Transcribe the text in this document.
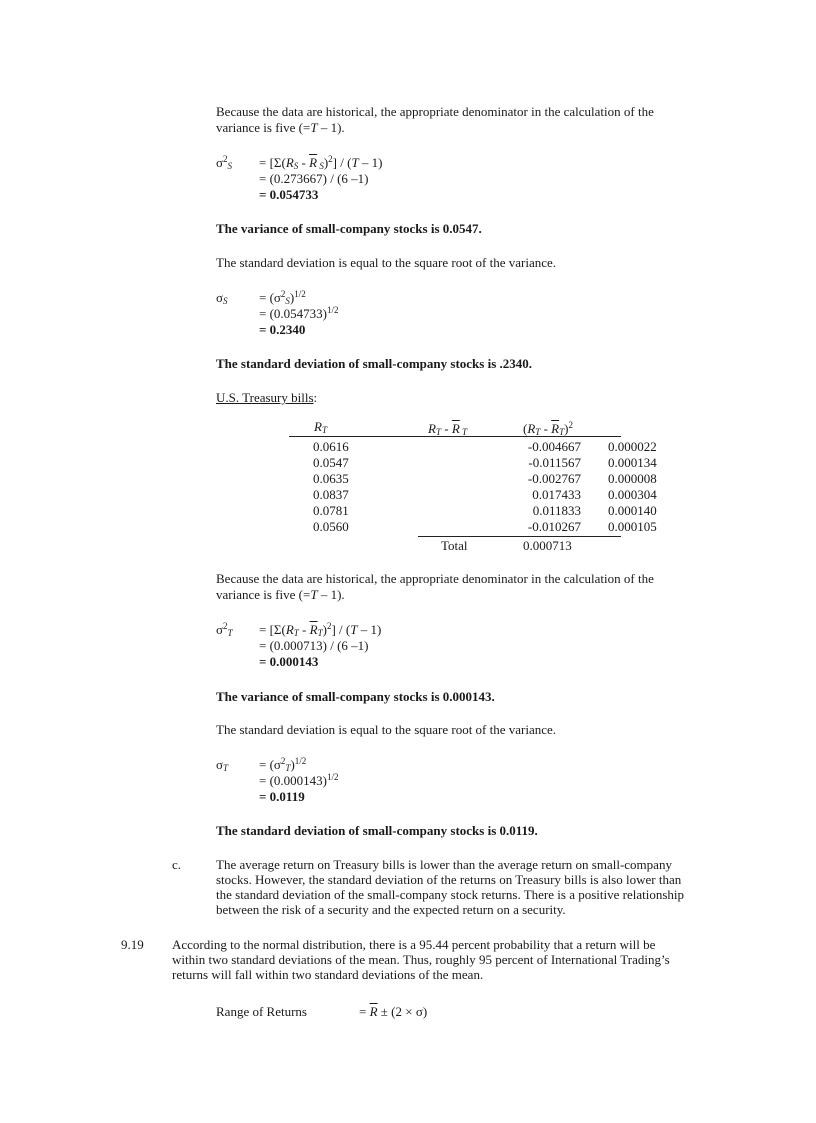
Because the data are historical, the appropriate denominator in the calculation of the
variance is five (=T – 1).
$\sigma^2_S = [\Sigma(R_S - \overline{R}$ $_S$)$^2$] / (T – 1)
= (0.273667) / (6 –1)
= 0.054733
The variance of small-company stocks is 0.0547.
The standard deviation is equal to the square root of the variance.
$\sigma_S = (\sigma^2_S)^{1/2}$
= $(0.054733)^{1/2}$
= 0.2340
The standard deviation of small-company stocks is .2340.
U.S. Treasury bills:
$R_T$	$R_T - \overline{R}$ $_T$	$(R_T - \overline{R}_T)^2$
0.0616	-0.004667	0.000022
0.0547	-0.011567	0.000134
0.0635	-0.002767	0.000008
0.0837	0.017433	0.000304
0.0781	0.011833	0.000140
0.0560	-0.010267	0.000105
Total	0.000713
Because the data are historical, the appropriate denominator in the calculation of the
variance is five (=T – 1).
$\sigma^2_T = [\Sigma(R_T - \overline{R}_T)^2] / (T - 1)$
= (0.000713) / (6 –1)
= 0.000143
The variance of small-company stocks is 0.000143.
The standard deviation is equal to the square root of the variance.
$\sigma_T = (\sigma^2_T)^{1/2}$
= $(0.000143)^{1/2}$
= 0.0119
The standard deviation of small-company stocks is 0.0119.
c.	The average return on Treasury bills is lower than the average return on small-company stocks. However, the standard deviation of the returns on Treasury bills is also lower than the standard deviation of the small-company stock returns. There is a positive relationship between the risk of a security and the expected return on a security.
9.19 According to the normal distribution, there is a 95.44 percent probability that a return will be within two standard deviations of the mean. Thus, roughly 95 percent of International Trading’s returns will fall within two standard deviations of the mean.
Range of Returns	= $\overline{R} \pm (2 \times \sigma)$
